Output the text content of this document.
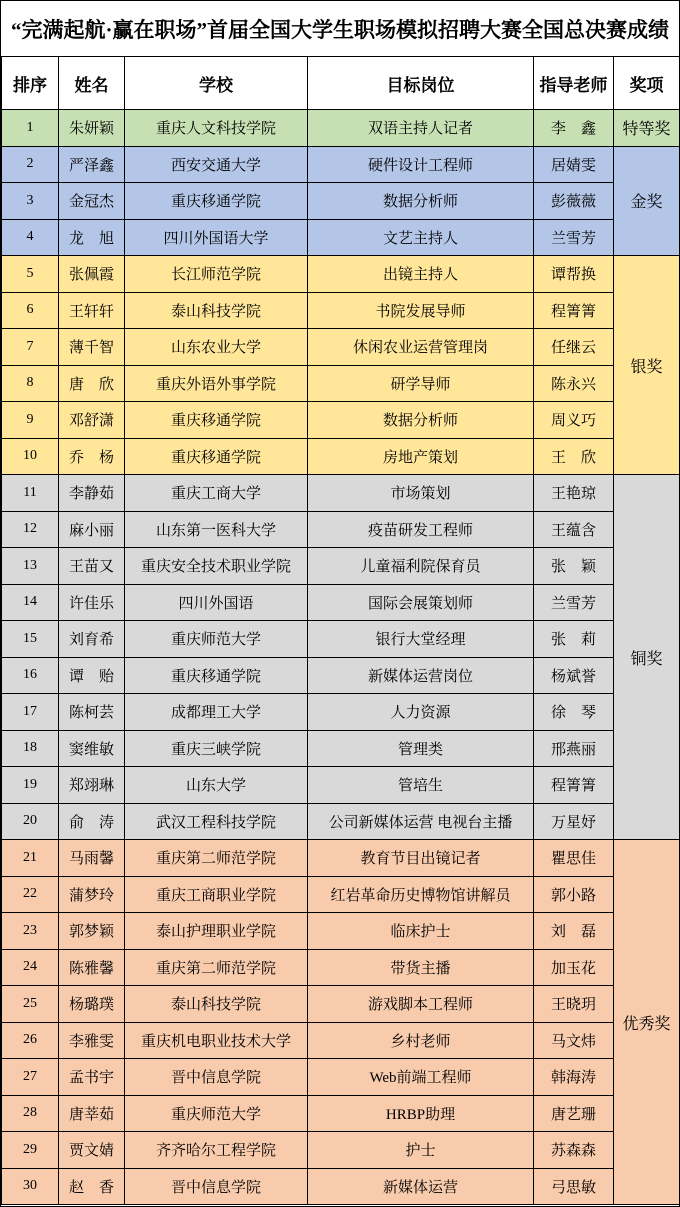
“完满起航·赢在职场”首届全国大学生职场模拟招聘大赛全国总决赛成绩
排序	姓名	学校	目标岗位	指导老师	奖项
1	朱妍颖	重庆人文科技学院	双语主持人记者	李　鑫	特等奖
2	严泽鑫	西安交通大学	硬件设计工程师	居婧雯	金奖
3	金冠杰	重庆移通学院	数据分析师	彭薇薇	
4	龙　旭	四川外国语大学	文艺主持人	兰雪芳	
5	张佩霞	长江师范学院	出镜主持人	谭帮换	银奖
6	王轩轩	泰山科技学院	书院发展导师	程箐箐	
7	薄千智	山东农业大学	休闲农业运营管理岗	任继云	
8	唐　欣	重庆外语外事学院	研学导师	陈永兴	
9	邓舒潇	重庆移通学院	数据分析师	周义巧	
10	乔　杨	重庆移通学院	房地产策划	王　欣	
11	李静茹	重庆工商大学	市场策划	王艳琼	铜奖
12	麻小丽	山东第一医科大学	疫苗研发工程师	王蕴含	
13	王苗又	重庆安全技术职业学院	儿童福利院保育员	张　颖	
14	许佳乐	四川外国语	国际会展策划师	兰雪芳	
15	刘育希	重庆师范大学	银行大堂经理	张　莉	
16	谭　贻	重庆移通学院	新媒体运营岗位	杨斌誉	
17	陈柯芸	成都理工大学	人力资源	徐　琴	
18	窦维敏	重庆三峡学院	管理类	邢燕丽	
19	郑翊琳	山东大学	管培生	程箐箐	
20	俞　涛	武汉工程科技学院	公司新媒体运营 电视台主播	万星妤	
21	马雨馨	重庆第二师范学院	教育节目出镜记者	瞿思佳	优秀奖
22	蒲梦玲	重庆工商职业学院	红岩革命历史博物馆讲解员	郭小路	
23	郭梦颖	泰山护理职业学院	临床护士	刘　磊	
24	陈雅馨	重庆第二师范学院	带货主播	加玉花	
25	杨璐璞	泰山科技学院	游戏脚本工程师	王晓玥	
26	李雅雯	重庆机电职业技术大学	乡村老师	马文炜	
27	孟书宇	晋中信息学院	Web前端工程师	韩海涛	
28	唐莘茹	重庆师范大学	HRBP助理	唐艺珊	
29	贾文婧	齐齐哈尔工程学院	护士	苏森森	
30	赵　香	晋中信息学院	新媒体运营	弓思敏	
